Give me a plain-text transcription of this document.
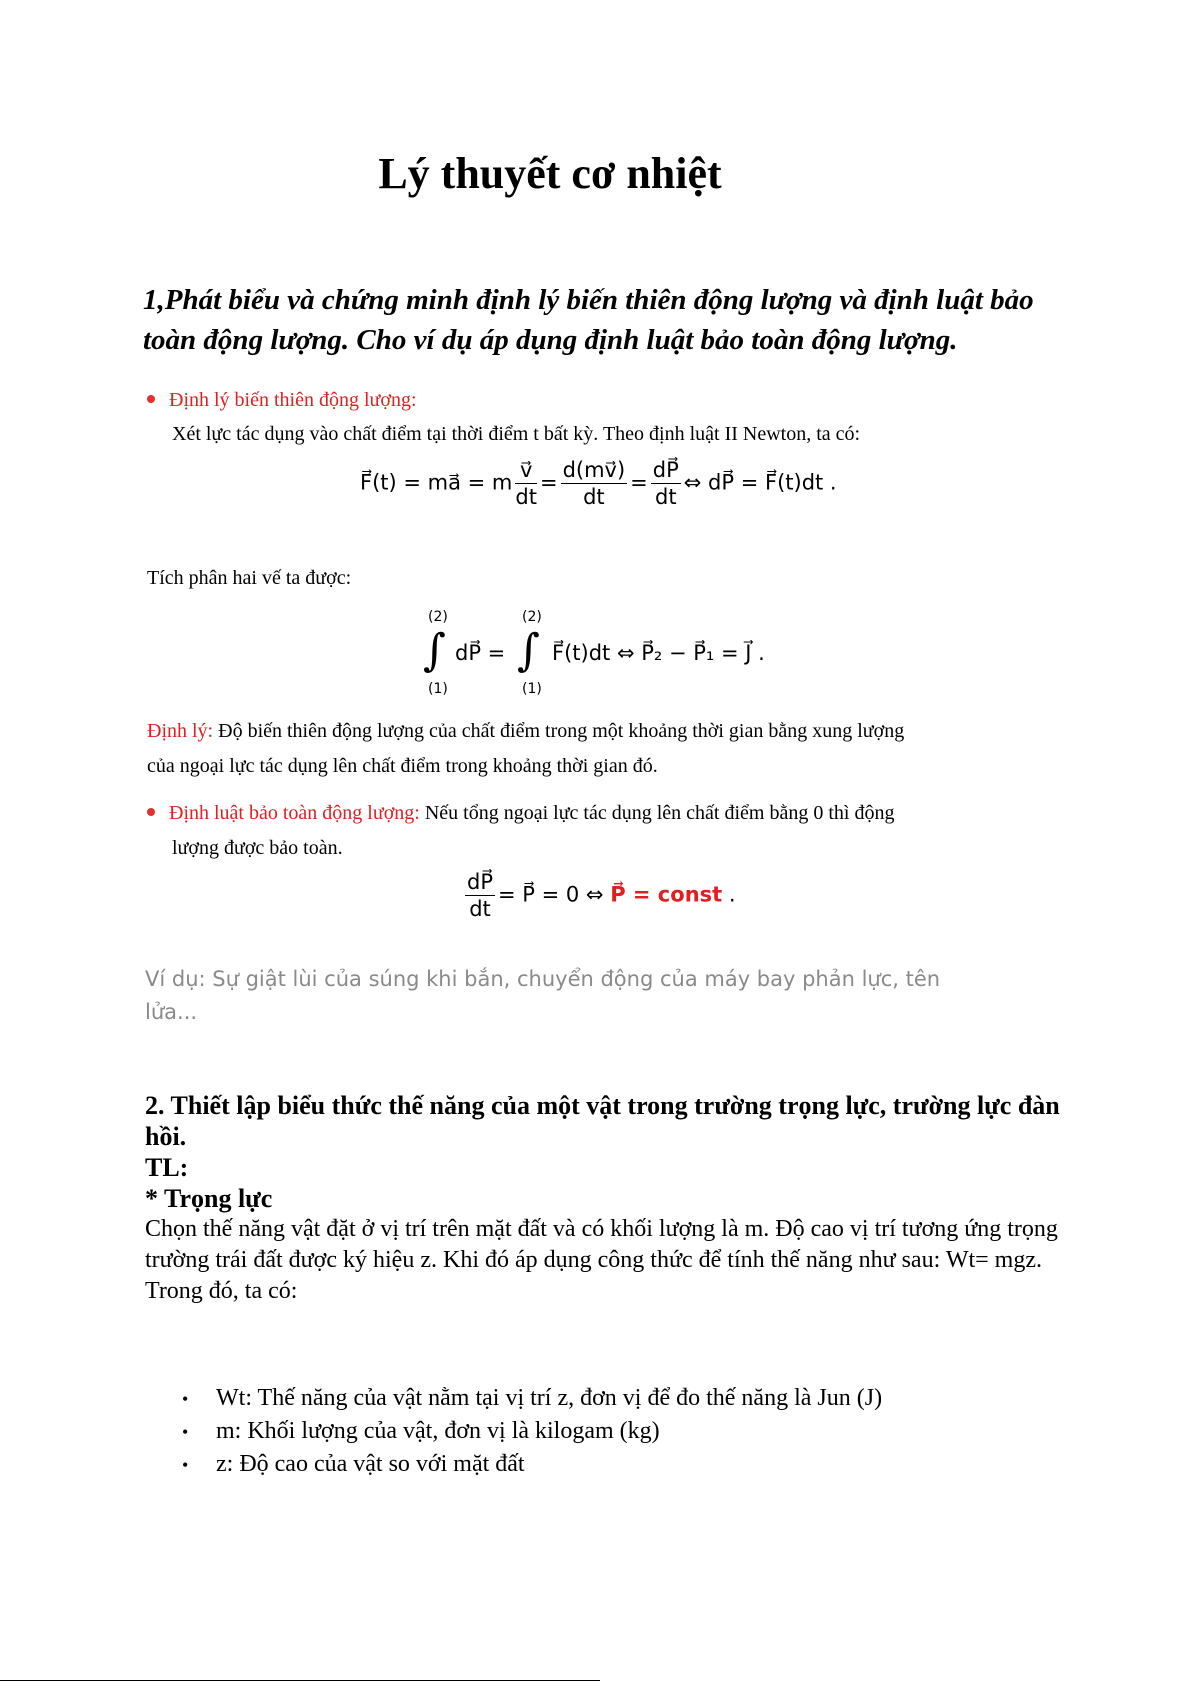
Lý thuyết cơ nhiệt

1,Phát biểu và chứng minh định lý biến thiên động lượng và định luật bảo toàn động lượng. Cho ví dụ áp dụng định luật bảo toàn động lượng.

Định lý biến thiên động lượng:
Xét lực tác dụng vào chất điểm tại thời điểm t bất kỳ. Theo định luật II Newton, ta có:
F⃗(t) = ma⃗ = m $\frac{v⃗}{dt} = \frac{d(mv⃗)}{dt} = \frac{dP⃗}{dt}$ ⇔ dP⃗ = F⃗(t)dt .
Tích phân hai vế ta được:
(2)
∫
(1)
dP⃗ =
(2)
∫
(1)
F⃗(t)dt ⇔ P⃗₂ − P⃗₁ = J⃗ .
Định lý: Độ biến thiên động lượng của chất điểm trong một khoảng thời gian bằng xung lượng
của ngoại lực tác dụng lên chất điểm trong khoảng thời gian đó.
Định luật bảo toàn động lượng: Nếu tổng ngoại lực tác dụng lên chất điểm bằng 0 thì động
lượng được bảo toàn.
$\frac{dP⃗}{dt}$ = P⃗ = 0 ⇔ P⃗ = const .
Ví dụ: Sự giật lùi của súng khi bắn, chuyển động của máy bay phản lực, tên
lửa...
2. Thiết lập biểu thức thế năng của một vật trong trường trọng lực, trường lực đàn hồi.
TL:
* Trọng lực
Chọn thế năng vật đặt ở vị trí trên mặt đất và có khối lượng là m. Độ cao vị trí tương ứng trọng trường trái đất được ký hiệu z. Khi đó áp dụng công thức để tính thế năng như sau: Wt= mgz.
Trong đó, ta có:
• Wt: Thế năng của vật nằm tại vị trí z, đơn vị để đo thế năng là Jun (J)
• m: Khối lượng của vật, đơn vị là kilogam (kg)
• z: Độ cao của vật so với mặt đất
